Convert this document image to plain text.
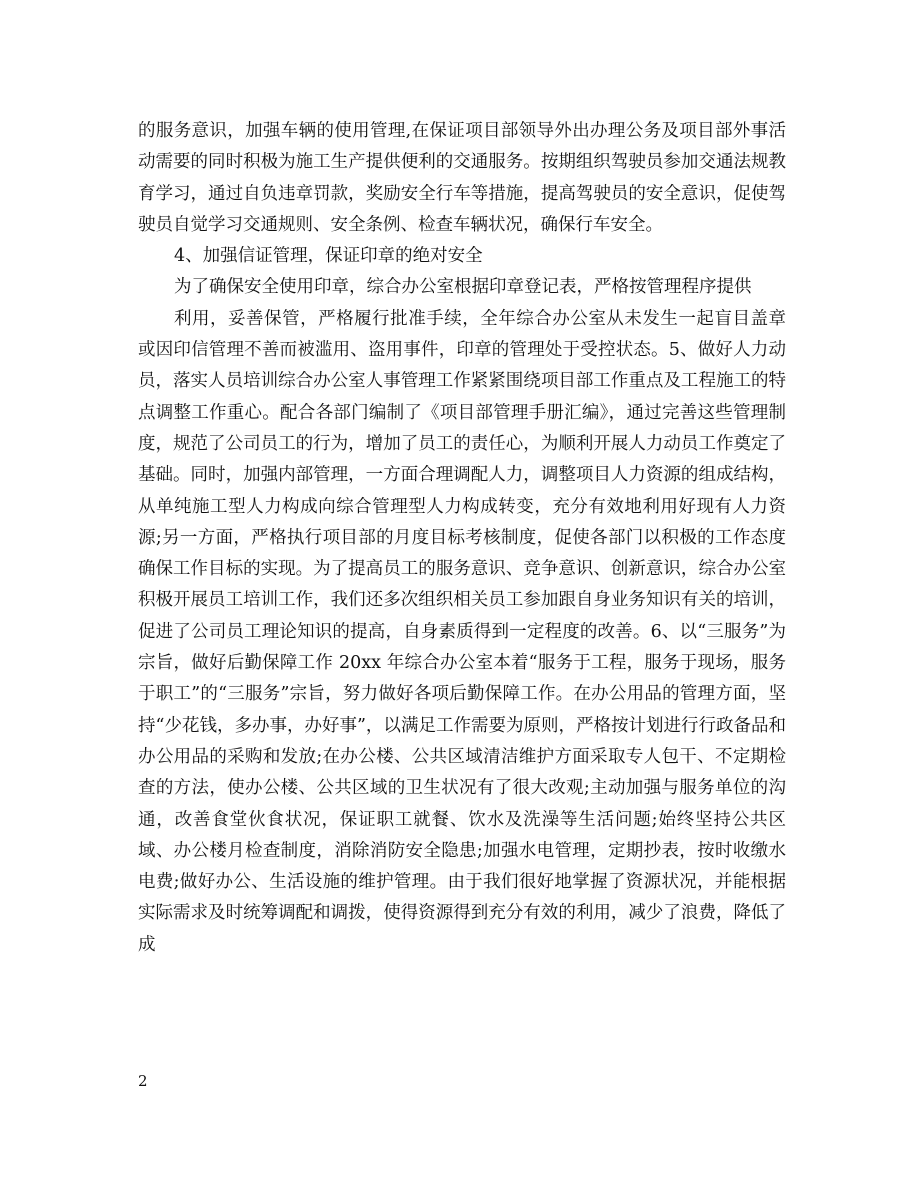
的服务意识，加强车辆的使用管理,在保证项目部领导外出办理公务及项目部外事活动需要的同时积极为施工生产提供便利的交通服务。按期组织驾驶员参加交通法规教育学习，通过自负违章罚款，奖励安全行车等措施，提高驾驶员的安全意识，促使驾驶员自觉学习交通规则、安全条例、检查车辆状况，确保行车安全。

4、加强信证管理，保证印章的绝对安全

为了确保安全使用印章，综合办公室根据印章登记表，严格按管理程序提供

利用，妥善保管，严格履行批准手续，全年综合办公室从未发生一起盲目盖章或因印信管理不善而被滥用、盗用事件，印章的管理处于受控状态。5、做好人力动员，落实人员培训综合办公室人事管理工作紧紧围绕项目部工作重点及工程施工的特点调整工作重心。配合各部门编制了《项目部管理手册汇编》，通过完善这些管理制度，规范了公司员工的行为，增加了员工的责任心，为顺利开展人力动员工作奠定了基础。同时，加强内部管理，一方面合理调配人力，调整项目人力资源的组成结构，从单纯施工型人力构成向综合管理型人力构成转变，充分有效地利用好现有人力资源;另一方面，严格执行项目部的月度目标考核制度，促使各部门以积极的工作态度确保工作目标的实现。为了提高员工的服务意识、竞争意识、创新意识，综合办公室积极开展员工培训工作，我们还多次组织相关员工参加跟自身业务知识有关的培训，促进了公司员工理论知识的提高，自身素质得到一定程度的改善。6、以“三服务”为宗旨，做好后勤保障工作 20xx 年综合办公室本着“服务于工程，服务于现场，服务于职工”的“三服务”宗旨，努力做好各项后勤保障工作。在办公用品的管理方面，坚持“少花钱，多办事，办好事”，以满足工作需要为原则，严格按计划进行行政备品和办公用品的采购和发放;在办公楼、公共区域清洁维护方面采取专人包干、不定期检查的方法，使办公楼、公共区域的卫生状况有了很大改观;主动加强与服务单位的沟通，改善食堂伙食状况，保证职工就餐、饮水及洗澡等生活问题;始终坚持公共区域、办公楼月检查制度，消除消防安全隐患;加强水电管理，定期抄表，按时收缴水电费;做好办公、生活设施的维护管理。由于我们很好地掌握了资源状况，并能根据实际需求及时统筹调配和调拨，使得资源得到充分有效的利用，减少了浪费，降低了成

2
